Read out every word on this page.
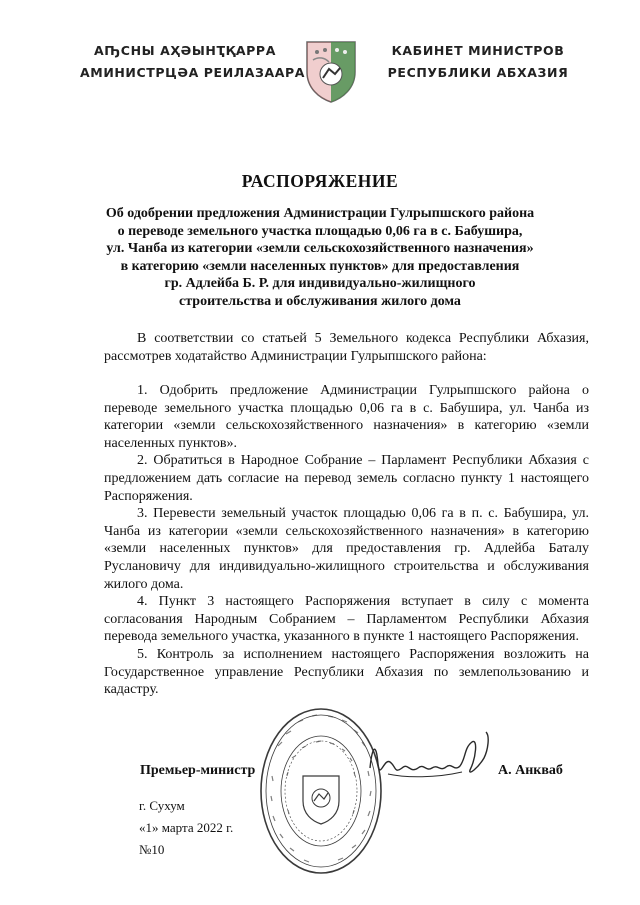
АҦСНЫ АҲӘЫНҬҚАРРА
АМИНИСТРЦӘА РЕИЛАЗААРА
КАБИНЕТ МИНИСТРОВ
РЕСПУБЛИКИ АБХАЗИЯ
РАСПОРЯЖЕНИЕ
Об одобрении предложения Администрации Гулрыпшского района
о переводе земельного участка площадью 0,06 га в с. Бабушира,
ул. Чанба из категории «земли сельскохозяйственного назначения»
в категорию «земли населенных пунктов» для предоставления
гр. Адлейба Б. Р. для индивидуально-жилищного
строительства и обслуживания жилого дома

В соответствии со статьей 5 Земельного кодекса Республики Абхазия, рассмотрев ходатайство Администрации Гулрыпшского района:

1. Одобрить предложение Администрации Гулрыпшского района о переводе земельного участка площадью 0,06 га в с. Бабушира, ул. Чанба из категории «земли сельскохозяйственного назначения» в категорию «земли населенных пунктов».

2. Обратиться в Народное Собрание – Парламент Республики Абхазия с предложением дать согласие на перевод земель согласно пункту 1 настоящего Распоряжения.

3. Перевести земельный участок площадью 0,06 га в п. с. Бабушира, ул. Чанба из категории «земли сельскохозяйственного назначения» в категорию «земли населенных пунктов» для предоставления гр. Адлейба Баталу Руслановичу для индивидуально-жилищного строительства и обслуживания жилого дома.

4. Пункт 3 настоящего Распоряжения вступает в силу с момента согласования Народным Собранием – Парламентом Республики Абхазия перевода земельного участка, указанного в пункте 1 настоящего Распоряжения.

5. Контроль за исполнением настоящего Распоряжения возложить на Государственное управление Республики Абхазия по землепользованию и кадастру.

Премьер-министр	А. Анкваб
г. Сухум
«1» марта 2022 г.
№10
